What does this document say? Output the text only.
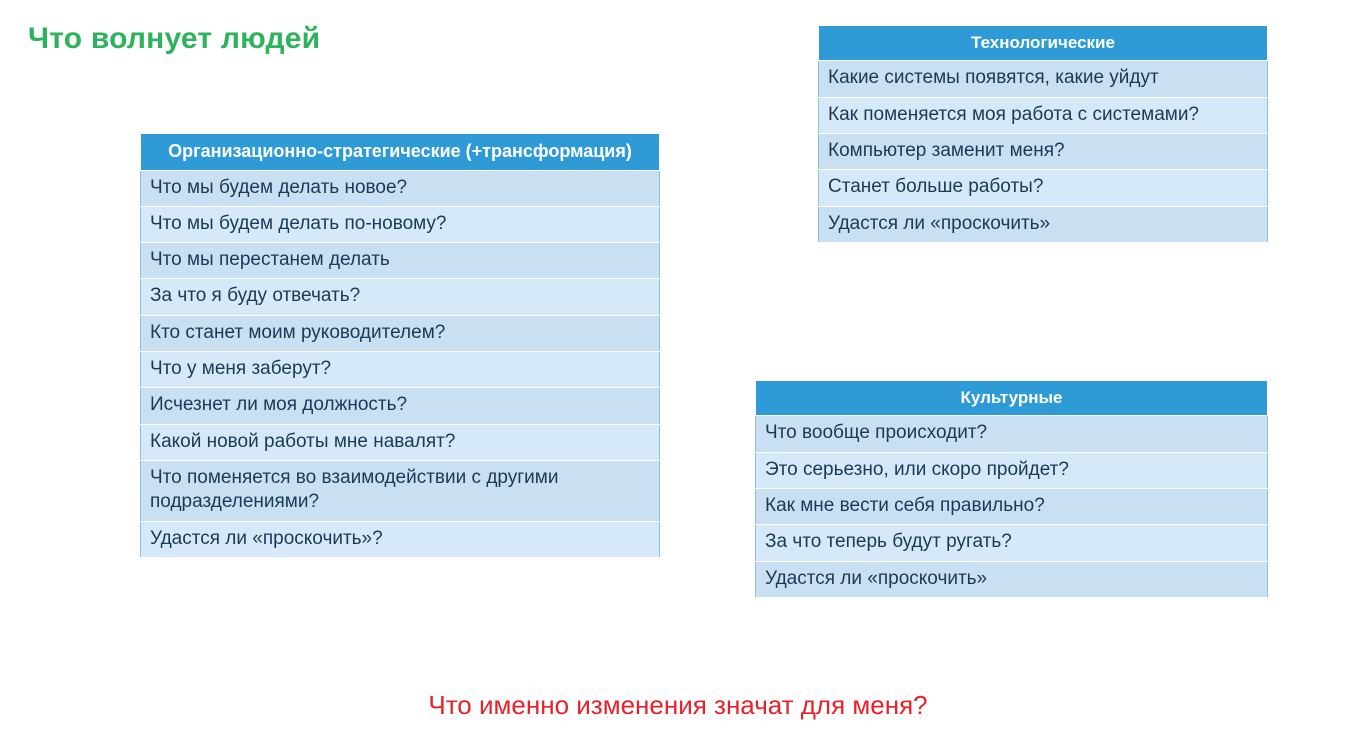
Что волнует людей
Организационно-стратегические (+трансформация)
Что мы будем делать новое?
Что мы будем делать по-новому?
Что мы перестанем делать
За что я буду отвечать?
Кто станет моим руководителем?
Что у меня заберут?
Исчезнет ли моя должность?
Какой новой работы мне навалят?
Что поменяется во взаимодействии с другими подразделениями?
Удастся ли «проскочить»?
Технологические
Какие системы появятся, какие уйдут
Как поменяется моя работа с системами?
Компьютер заменит меня?
Станет больше работы?
Удастся ли «проскочить»
Культурные
Что вообще происходит?
Это серьезно, или скоро пройдет?
Как мне вести себя правильно?
За что теперь будут ругать?
Удастся ли «проскочить»
Что именно изменения значат для меня?
